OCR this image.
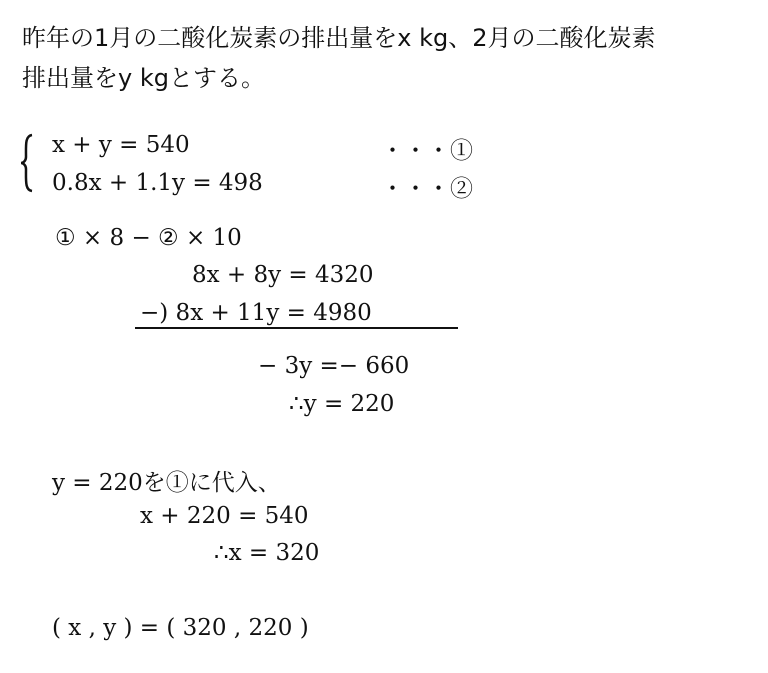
昨年の1月の二酸化炭素の排出量をx kg、2月の二酸化炭素
排出量をy kgとする。
x + y = 540
0.8x + 1.1y = 498
・・・①
・・・②
① × 8 − ② × 10
8x + 8y = 4320
−) 8x + 11y = 4980
− 3y =− 660
∴y = 220
y = 220を①に代入、
x + 220 = 540
∴x = 320
( x , y ) = ( 320 , 220 )
